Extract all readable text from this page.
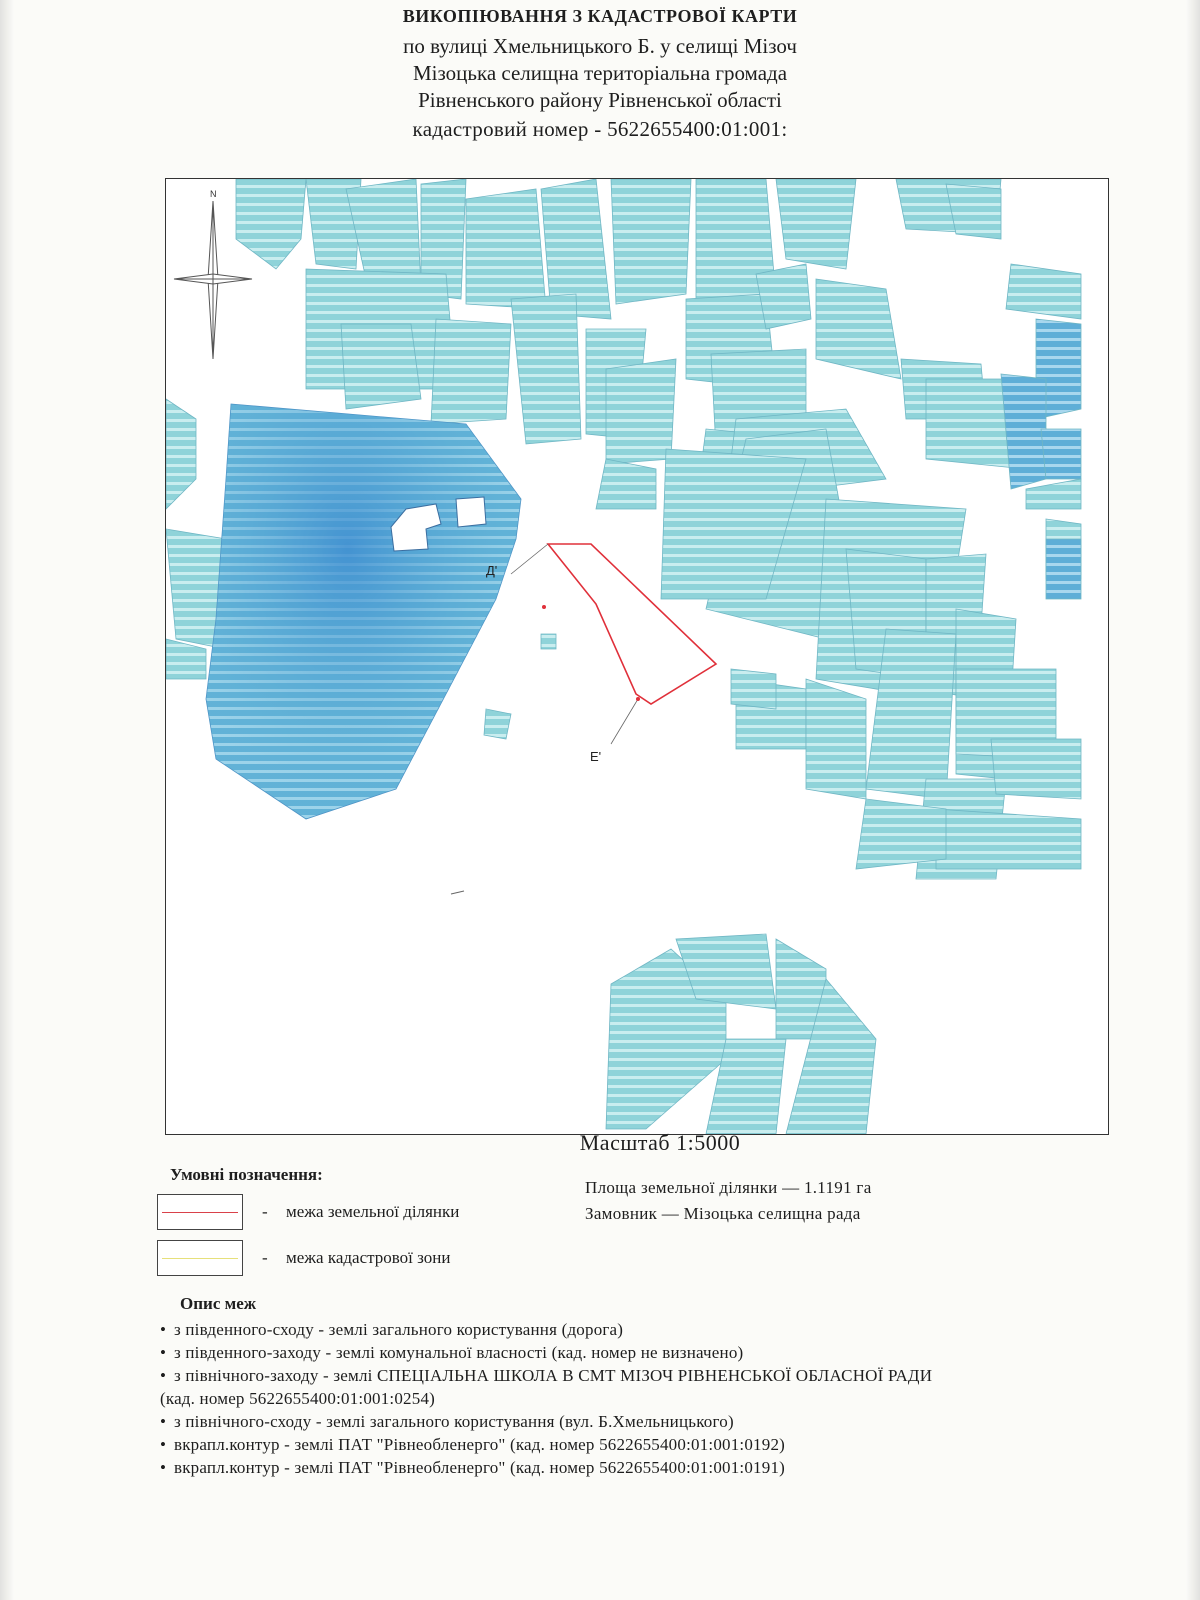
ВИКОПІЮВАННЯ З КАДАСТРОВОЇ КАРТИ
по вулиці Хмельницького Б. у селищі Мізоч
Мізоцька селищна територіальна громада
Рівненського району Рівненської області
кадастровий номер - 5622655400:01:001:
N
Д'
Е'
Масштаб 1:5000
Умовні позначення:
- межа земельної ділянки
- межа кадастрової зони
Площа земельної ділянки — 1.1191 га
Замовник — Мізоцька селищна рада
Опис меж
• з південного-сходу - землі загального користування (дорога)
• з південного-заходу - землі комунальної власності (кад. номер не визначено)
• з північного-заходу - землі СПЕЦІАЛЬНА ШКОЛА В СМТ МІЗОЧ РІВНЕНСЬКОЇ ОБЛАСНОЇ РАДИ
(кад. номер 5622655400:01:001:0254)
• з північного-сходу - землі загального користування (вул. Б.Хмельницького)
• вкрапл.контур - землі ПАТ "Рівнеобленерго" (кад. номер 5622655400:01:001:0192)
• вкрапл.контур - землі ПАТ "Рівнеобленерго" (кад. номер 5622655400:01:001:0191)
